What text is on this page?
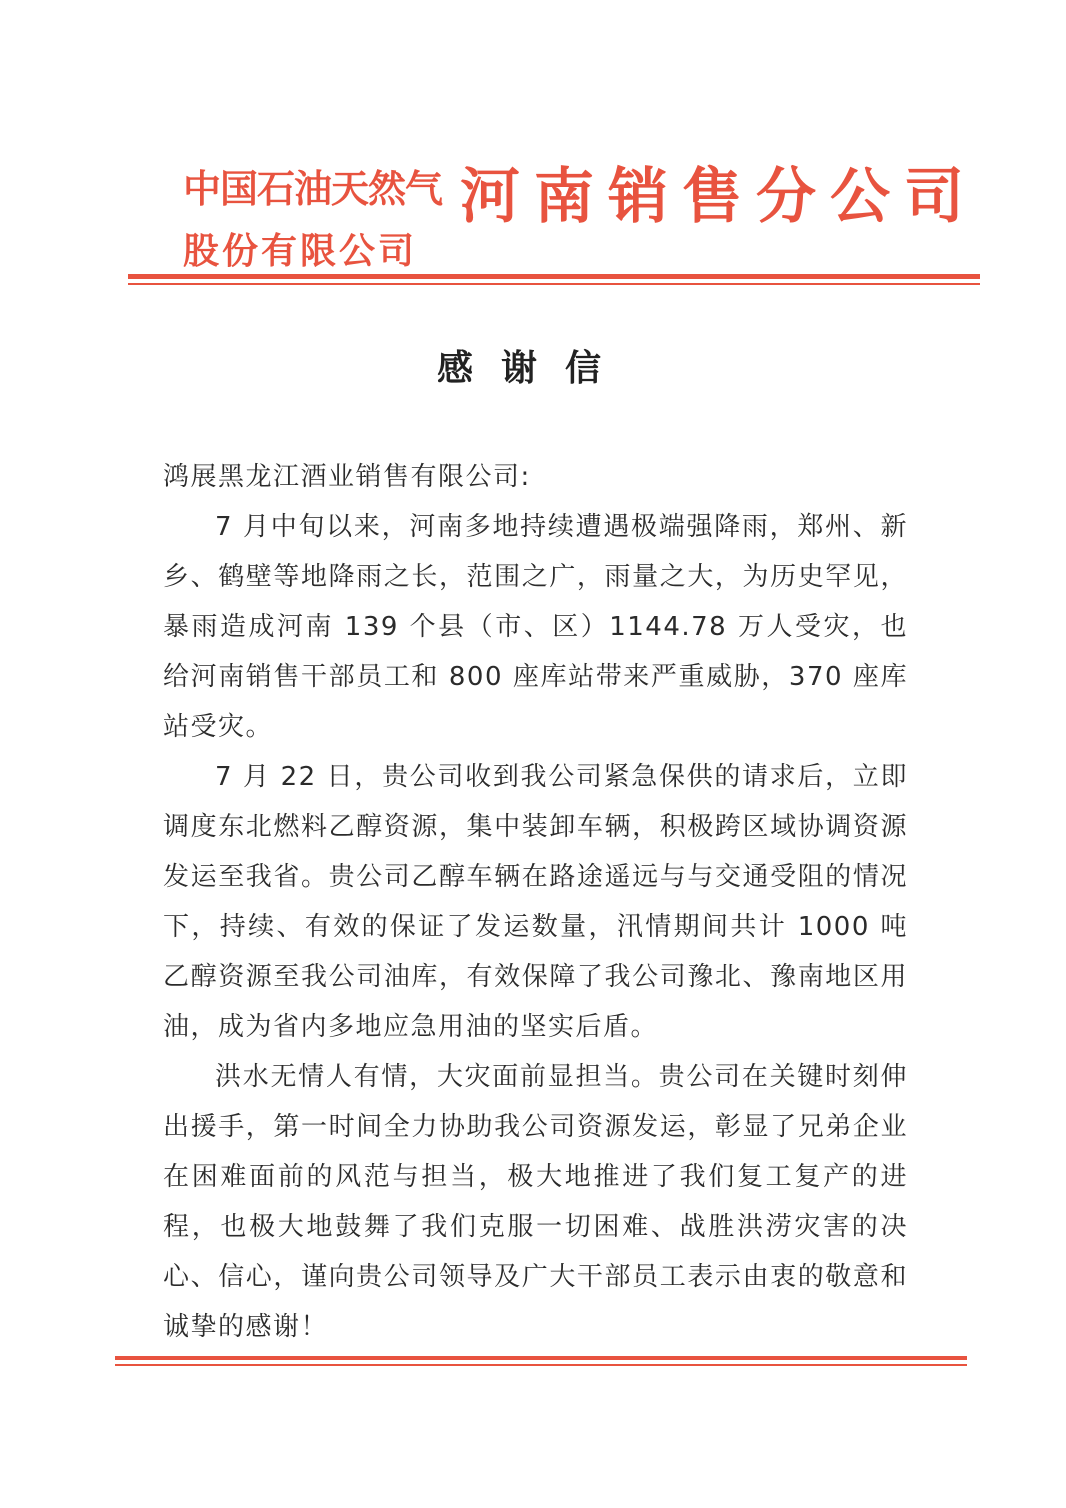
中国石油天然气
股份有限公司
河南销售分公司
感谢信

鸿展黑龙江酒业销售有限公司:

7 月中旬以来，河南多地持续遭遇极端强降雨，郑州、新乡、鹤壁等地降雨之长，范围之广，雨量之大，为历史罕见，暴雨造成河南 139 个县（市、区）1144.78 万人受灾，也给河南销售干部员工和 800 座库站带来严重威胁，370 座库站受灾。

7 月 22 日，贵公司收到我公司紧急保供的请求后，立即调度东北燃料乙醇资源，集中装卸车辆，积极跨区域协调资源发运至我省。贵公司乙醇车辆在路途遥远与与交通受阻的情况下，持续、有效的保证了发运数量，汛情期间共计 1000 吨乙醇资源至我公司油库，有效保障了我公司豫北、豫南地区用油，成为省内多地应急用油的坚实后盾。

洪水无情人有情，大灾面前显担当。贵公司在关键时刻伸出援手，第一时间全力协助我公司资源发运，彰显了兄弟企业在困难面前的风范与担当，极大地推进了我们复工复产的进程，也极大地鼓舞了我们克服一切困难、战胜洪涝灾害的决心、信心，谨向贵公司领导及广大干部员工表示由衷的敬意和诚挚的感谢！
